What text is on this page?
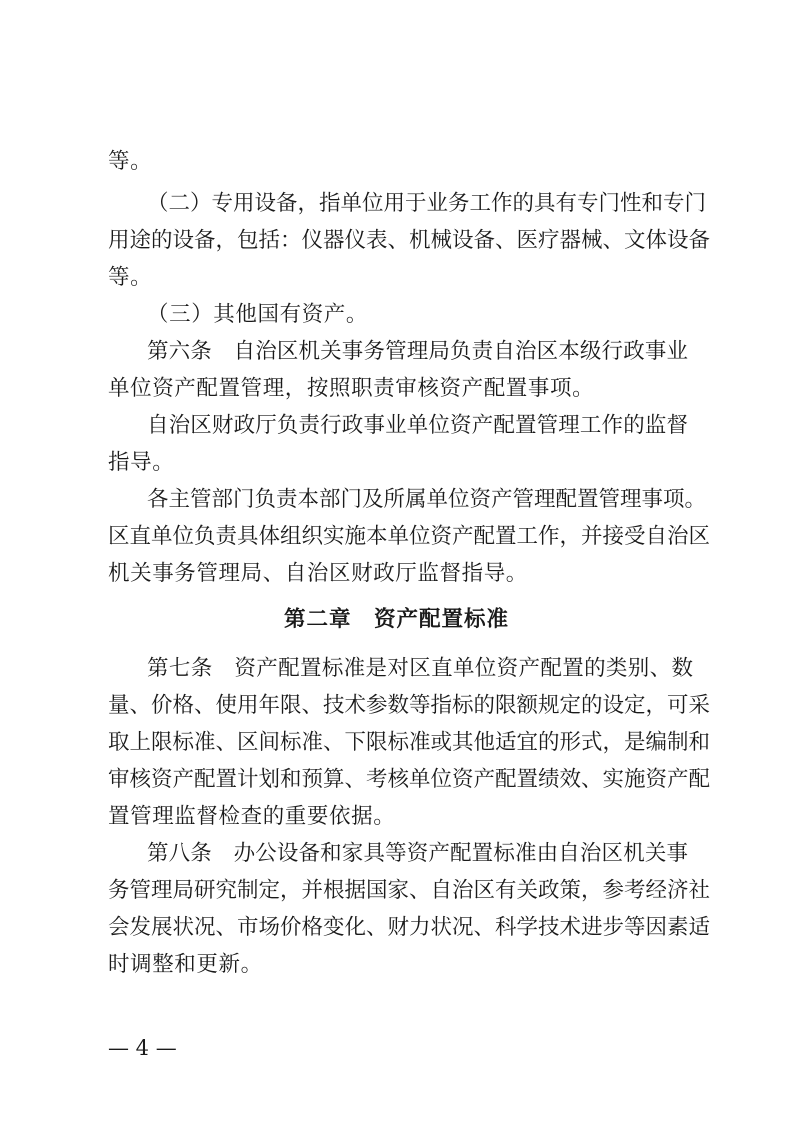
等。
（二）专用设备，指单位用于业务工作的具有专门性和专门
用途的设备，包括：仪器仪表、机械设备、医疗器械、文体设备
等。
（三）其他国有资产。
第六条　自治区机关事务管理局负责自治区本级行政事业
单位资产配置管理，按照职责审核资产配置事项。
自治区财政厅负责行政事业单位资产配置管理工作的监督
指导。
各主管部门负责本部门及所属单位资产管理配置管理事项。
区直单位负责具体组织实施本单位资产配置工作，并接受自治区
机关事务管理局、自治区财政厅监督指导。
第二章　资产配置标准
第七条　资产配置标准是对区直单位资产配置的类别、数
量、价格、使用年限、技术参数等指标的限额规定的设定，可采
取上限标准、区间标准、下限标准或其他适宜的形式，是编制和
审核资产配置计划和预算、考核单位资产配置绩效、实施资产配
置管理监督检查的重要依据。
第八条　办公设备和家具等资产配置标准由自治区机关事
务管理局研究制定，并根据国家、自治区有关政策，参考经济社
会发展状况、市场价格变化、财力状况、科学技术进步等因素适
时调整和更新。
— 4 —
